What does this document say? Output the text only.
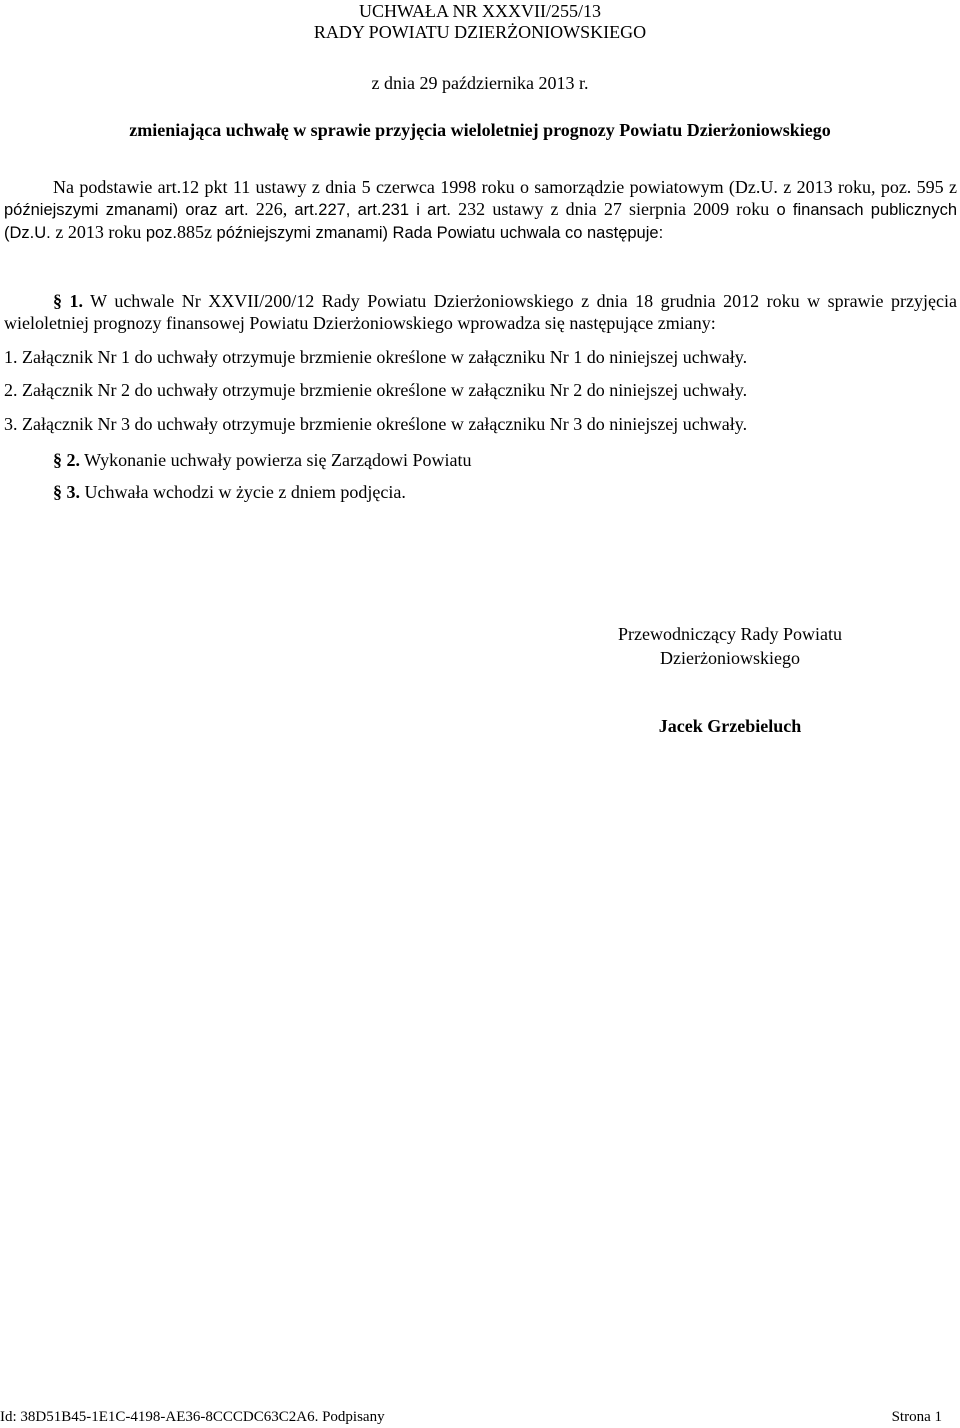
UCHWAŁA NR XXXVII/255/13
RADY POWIATU DZIERŻONIOWSKIEGO
z dnia 29 października 2013 r.
zmieniająca uchwałę w sprawie przyjęcia wieloletniej prognozy Powiatu Dzierżoniowskiego
Na podstawie art.12 pkt 11 ustawy z dnia 5 czerwca 1998 roku o samorządzie powiatowym (Dz.U. z 2013 roku, poz. 595 z późniejszymi zmanami) oraz art. 226, art.227, art.231 i art. 232 ustawy z dnia 27 sierpnia 2009 roku o finansach publicznych (Dz.U. z 2013 roku poz.885z późniejszymi zmanami) Rada Powiatu uchwala co następuje:
§ 1. W uchwale Nr XXVII/200/12 Rady Powiatu Dzierżoniowskiego z dnia 18 grudnia 2012 roku w sprawie przyjęcia wieloletniej prognozy finansowej Powiatu Dzierżoniowskiego wprowadza się następujące zmiany:
1. Załącznik Nr 1 do uchwały otrzymuje brzmienie określone w załączniku Nr 1 do niniejszej uchwały.
2. Załącznik Nr 2 do uchwały otrzymuje brzmienie określone w załączniku Nr 2 do niniejszej uchwały.
3. Załącznik Nr 3 do uchwały otrzymuje brzmienie określone w załączniku Nr 3 do niniejszej uchwały.
§ 2. Wykonanie uchwały powierza się Zarządowi Powiatu
§ 3. Uchwała wchodzi w życie z dniem podjęcia.
Przewodniczący Rady Powiatu
Dzierżoniowskiego
Jacek Grzebieluch
Id: 38D51B45-1E1C-4198-AE36-8CCCDC63C2A6. Podpisany	Strona 1
